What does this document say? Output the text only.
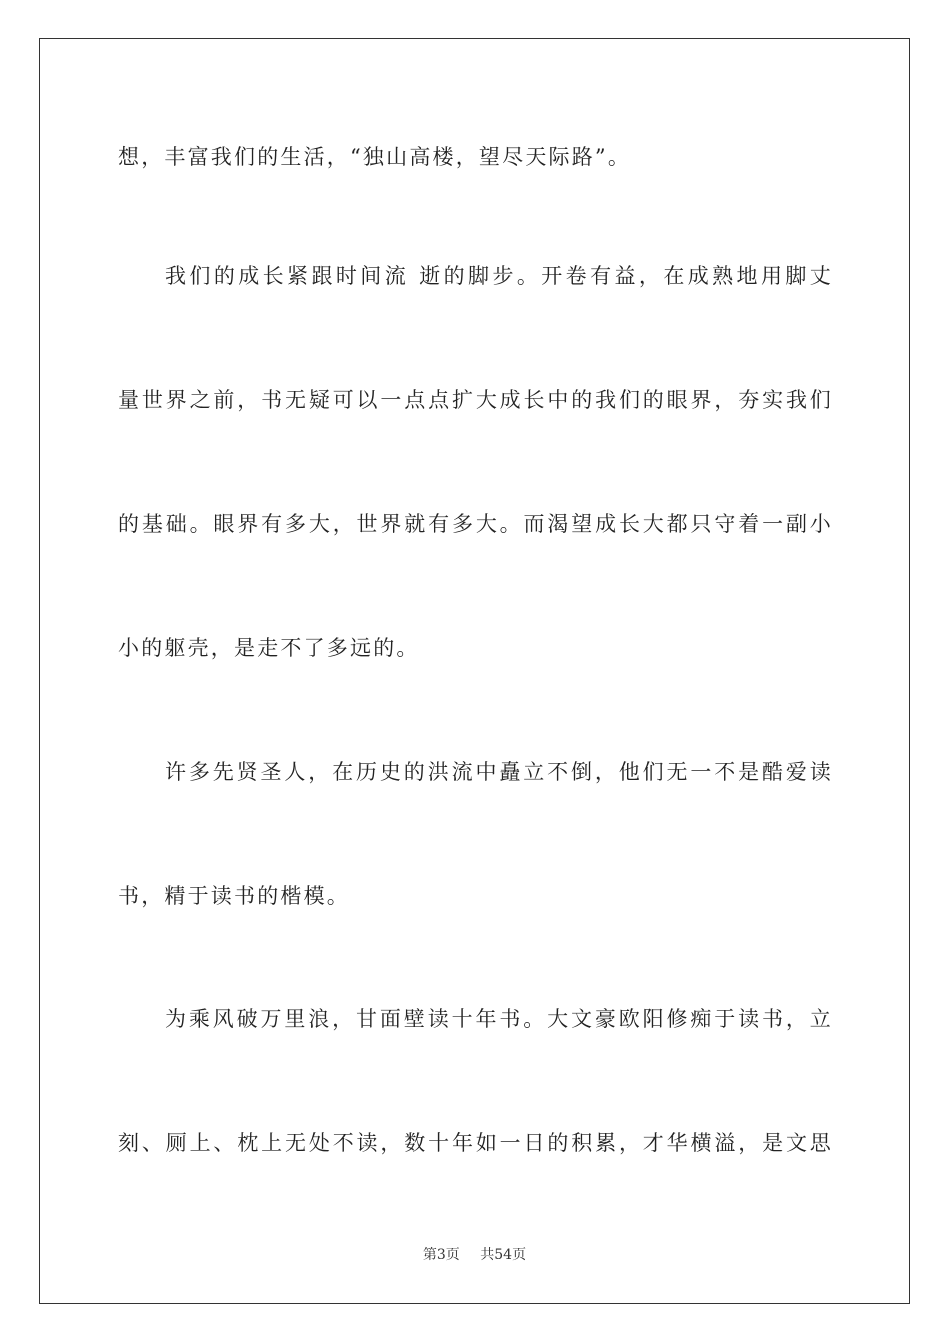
想，丰富我们的生活，“独山高楼，望尽天际路”。
我们的成长紧跟时间流 逝的脚步。开卷有益，在成熟地用脚丈
量世界之前，书无疑可以一点点扩大成长中的我们的眼界，夯实我们
的基础。眼界有多大，世界就有多大。而渴望成长大都只守着一副小
小的躯壳，是走不了多远的。
许多先贤圣人，在历史的洪流中矗立不倒，他们无一不是酷爱读
书，精于读书的楷模。
为乘风破万里浪，甘面壁读十年书。大文豪欧阳修痴于读书，立
刻、厕上、枕上无处不读，数十年如一日的积累，才华横溢，是文思
第3页 共54页
